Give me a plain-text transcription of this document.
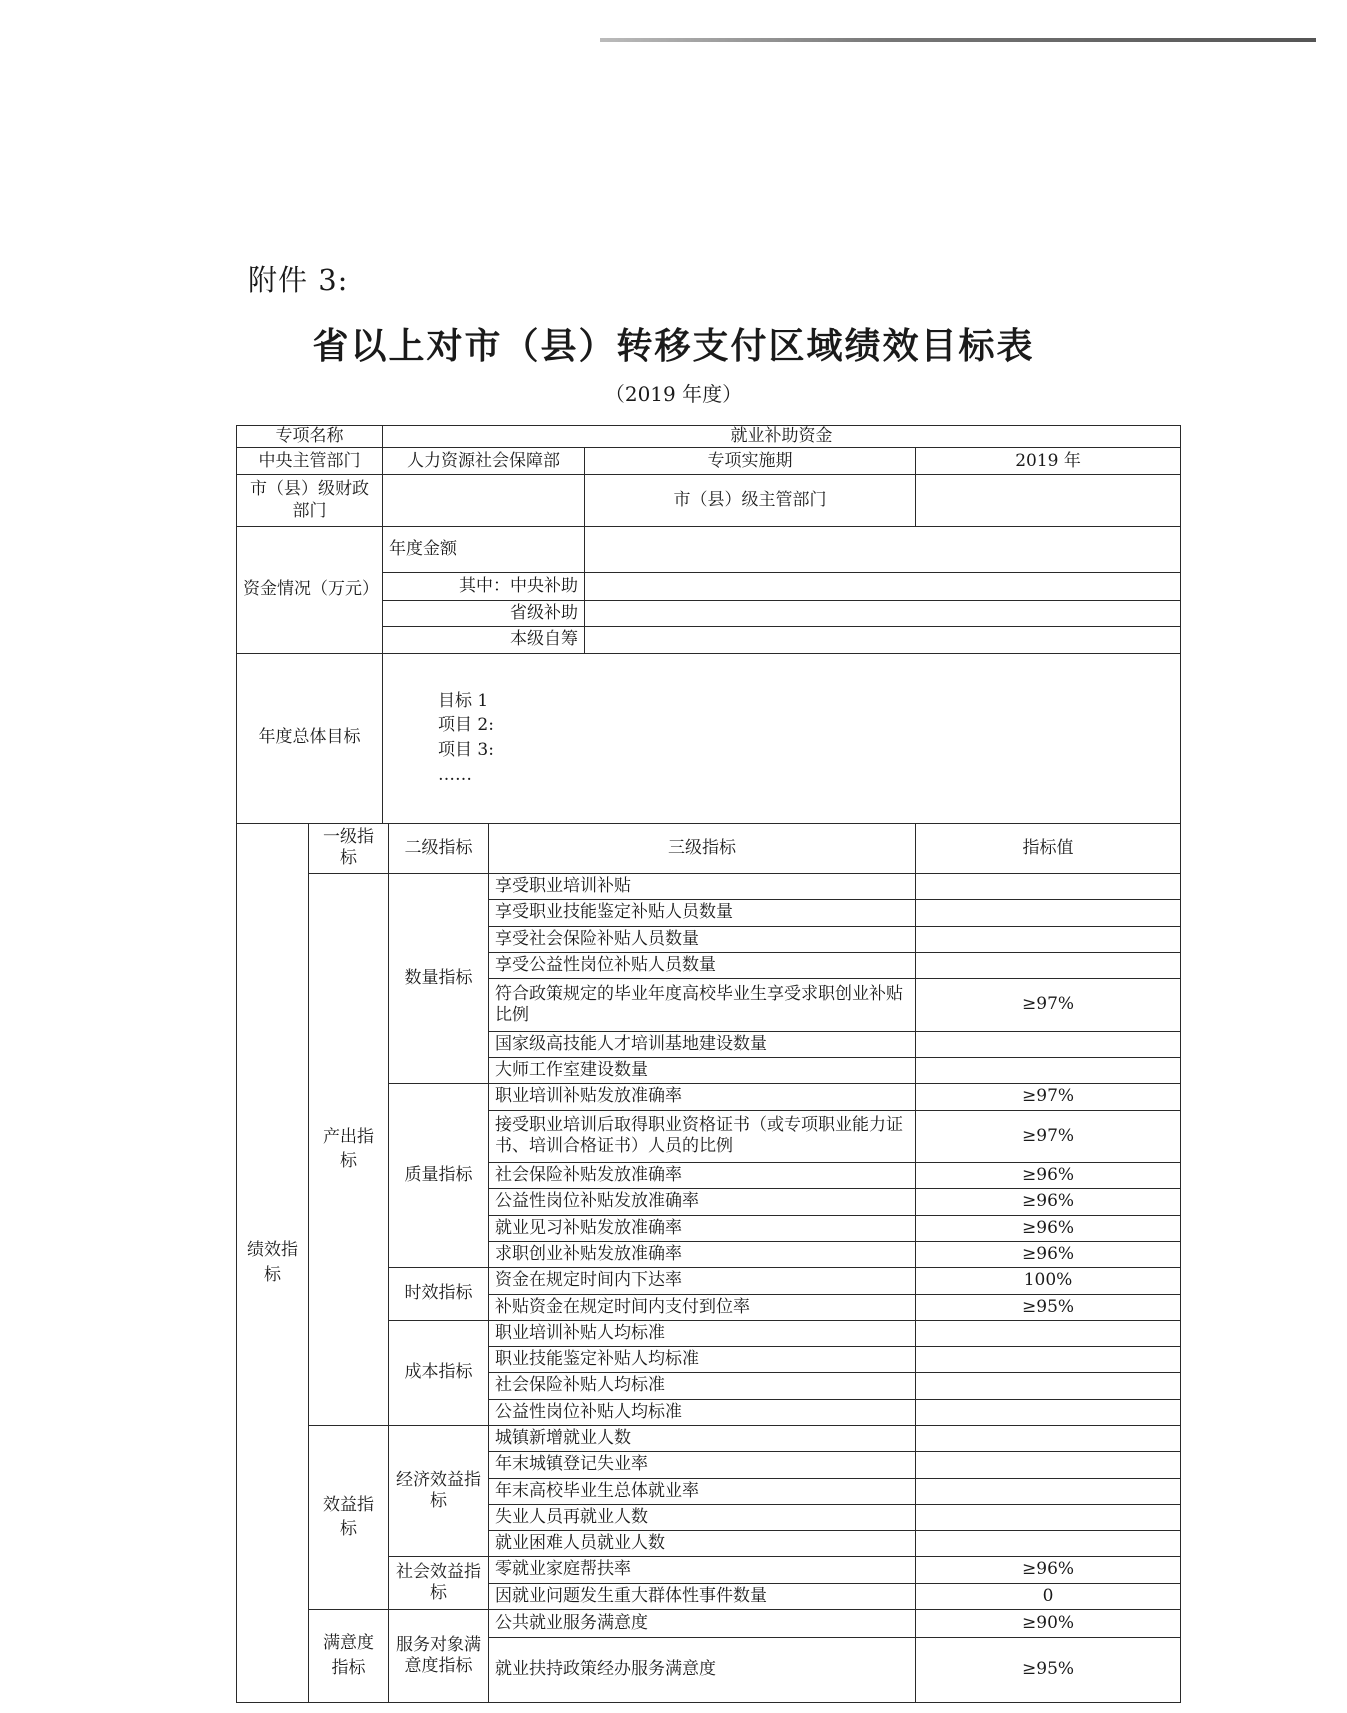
附件 3:
省以上对市（县）转移支付区域绩效目标表
（2019 年度）
专项名称		就业补助资金				
中央主管部门		人力资源社会保障部			专项实施期	2019 年
市（县）级财政部门					市（县）级主管部门	
资金情况（万元）		年度金额				
		其中：中央补助				
		省级补助				
		本级自筹				
年度总体目标		目标 1
项目 2:
项目 3:
……				

绩效指标	一级指标		二级指标	三级指标		指标值
	产出指标		数量指标	享受职业培训补贴		
				享受职业技能鉴定补贴人员数量		
				享受社会保险补贴人员数量		
				享受公益性岗位补贴人员数量		
				符合政策规定的毕业年度高校毕业生享受求职创业补贴比例		≥97%
				国家级高技能人才培训基地建设数量		
				大师工作室建设数量		
			质量指标	职业培训补贴发放准确率		≥97%
				接受职业培训后取得职业资格证书（或专项职业能力证书、培训合格证书）人员的比例		≥97%
				社会保险补贴发放准确率		≥96%
				公益性岗位补贴发放准确率		≥96%
				就业见习补贴发放准确率		≥96%
				求职创业补贴发放准确率		≥96%
			时效指标	资金在规定时间内下达率		100%
				补贴资金在规定时间内支付到位率		≥95%
			成本指标	职业培训补贴人均标准		
				职业技能鉴定补贴人均标准		
				社会保险补贴人均标准		
				公益性岗位补贴人均标准		
	效益指标		经济效益指标	城镇新增就业人数		
				年末城镇登记失业率		
				年末高校毕业生总体就业率		
				失业人员再就业人数		
				就业困难人员就业人数		
			社会效益指标	零就业家庭帮扶率		≥96%
				因就业问题发生重大群体性事件数量		0
	满意度指标		服务对象满意度指标	公共就业服务满意度		≥90%
				就业扶持政策经办服务满意度		≥95%
